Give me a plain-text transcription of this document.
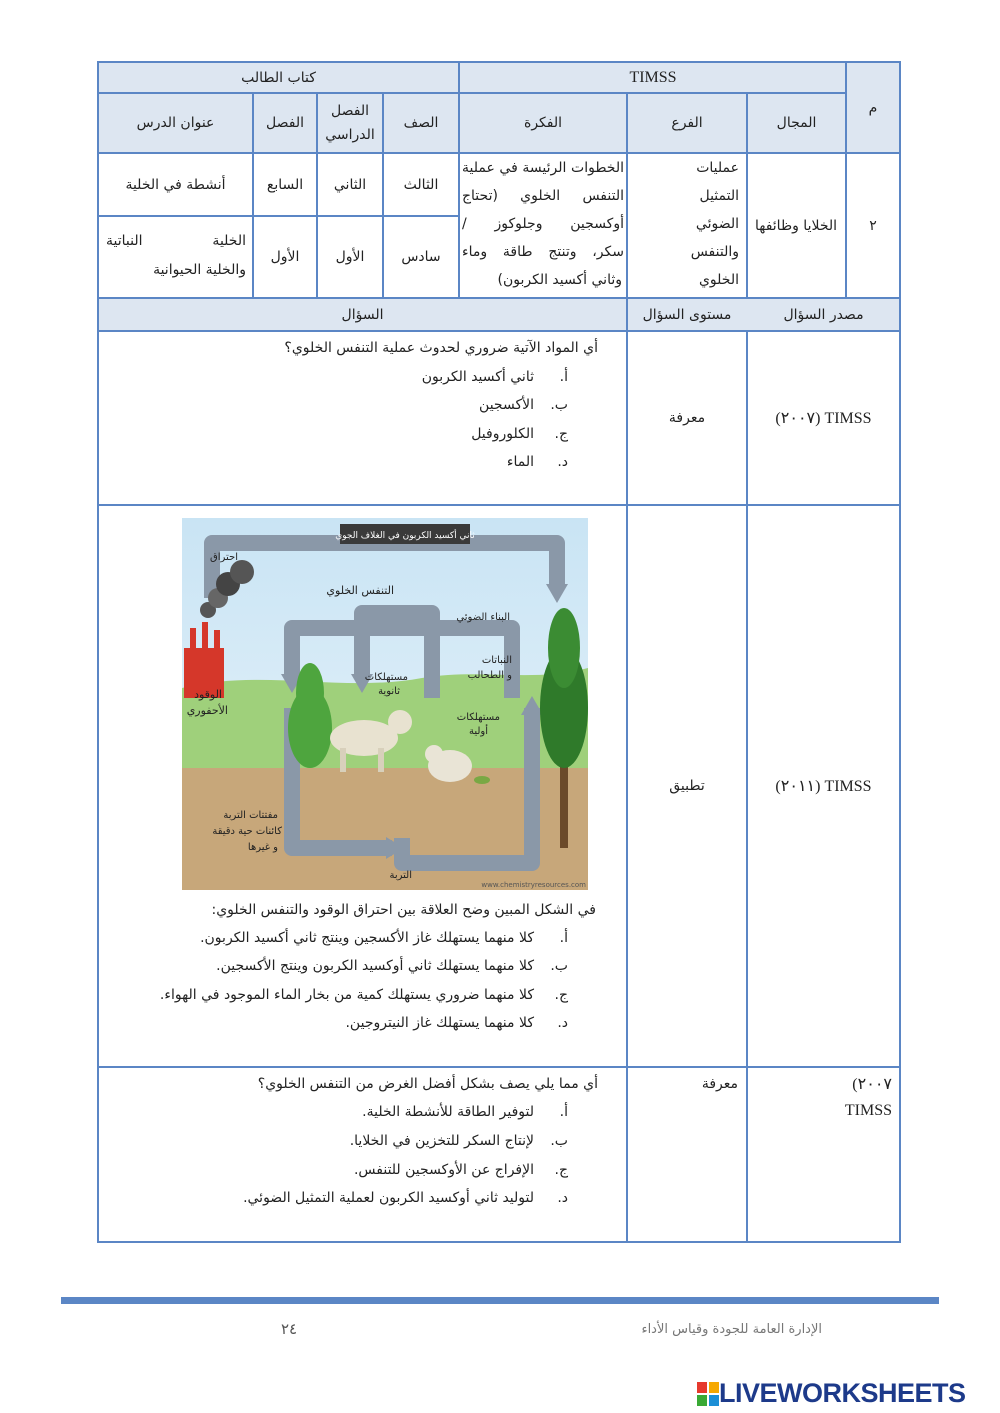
م
TIMSS
كتاب الطالب
المجال
الفرع
الفكرة
الصف
الفصل الدراسي
الفصل
عنوان الدرس
٢
الخلايا وظائفها
عمليات
التمثيل
الضوئي
والتنفس
الخلوي
الخطوات الرئيسة في عملية
التنفس الخلوي (تحتاج
أوكسجين وجلوكوز /
سكر، وتنتج طاقة وماء
وثاني أكسيد الكربون)
الثالث
الثاني
السابع
أنشطة في الخلية
سادس
الأول
الأول
الخلية النباتية
والخلية الحيوانية
مصدر السؤال
مستوى السؤال
السؤال
TIMSS (٢٠٠٧)
معرفة
أي المواد الآتية ضروري لحدوث عملية التنفس الخلوي؟
أ.ثاني أكسيد الكربون
ب.الأكسجين
ج.الكلوروفيل
د.الماء
TIMSS (٢٠١١)
تطبيق
ثاني أكسيد الكربون في الغلاف الجوي
احتراق
التنفس الخلوي
البناء الضوئي
النباتات
و الطحالب
الوقود
الأحفوري
مستهلكات
ثانوية
مستهلكات
أولية
مفتتات التربة
كائنات حية دقيقة
و غيرها
التربة
www.chemistryresources.com
في الشكل المبين وضح العلاقة بين احتراق الوقود والتنفس الخلوي:
أ.كلا منهما يستهلك غاز الأكسجين وينتج ثاني أكسيد الكربون.
ب.كلا منهما يستهلك ثاني أوكسيد الكربون وينتج الأكسجين.
ج.كلا منهما ضروري يستهلك كمية من بخار الماء الموجود في الهواء.
د.كلا منهما يستهلك غاز النيتروجين.
(٢٠٠٧
TIMSS
معرفة
أي مما يلي يصف بشكل أفضل الغرض من التنفس الخلوي؟
أ.لتوفير الطاقة للأنشطة الخلية.
ب.لإنتاج السكر للتخزين في الخلايا.
ج.الإفراج عن الأوكسجين للتنفس.
د.لتوليد ثاني أوكسيد الكربون لعملية التمثيل الضوئي.
٢٤	الإدارة العامة للجودة وقياس الأداء
LIVEWORKSHEETS
